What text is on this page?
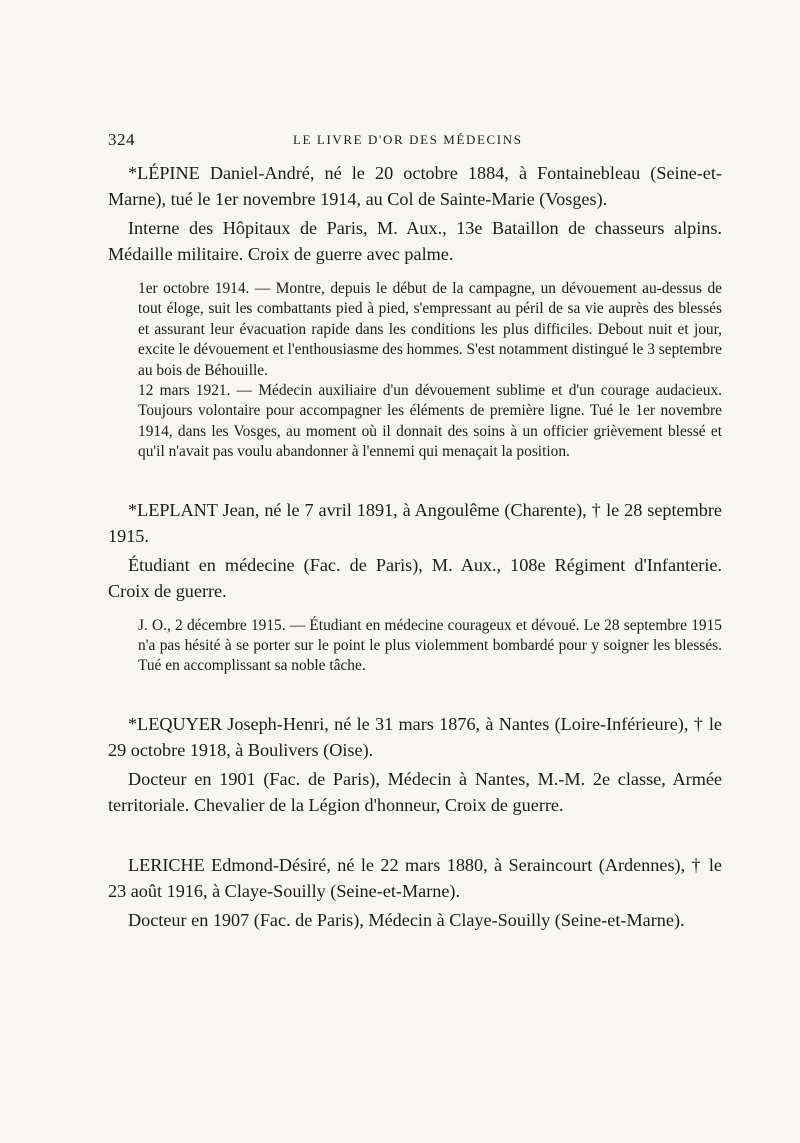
324	LE LIVRE D'OR DES MÉDECINS

*LÉPINE Daniel-André, né le 20 octobre 1884, à Fontainebleau (Seine-et-Marne), tué le 1er novembre 1914, au Col de Sainte-Marie (Vosges).

Interne des Hôpitaux de Paris, M. Aux., 13e Bataillon de chasseurs alpins. Médaille militaire. Croix de guerre avec palme.

1er octobre 1914. — Montre, depuis le début de la campagne, un dévouement au-dessus de tout éloge, suit les combattants pied à pied, s'empressant au péril de sa vie auprès des blessés et assurant leur évacuation rapide dans les conditions les plus difficiles. Debout nuit et jour, excite le dévouement et l'enthousiasme des hommes. S'est notamment distingué le 3 septembre au bois de Béhouille.

12 mars 1921. — Médecin auxiliaire d'un dévouement sublime et d'un courage audacieux. Toujours volontaire pour accompagner les éléments de première ligne. Tué le 1er novembre 1914, dans les Vosges, au moment où il donnait des soins à un officier grièvement blessé et qu'il n'avait pas voulu abandonner à l'ennemi qui menaçait la position.

*LEPLANT Jean, né le 7 avril 1891, à Angoulême (Charente), † le 28 septembre 1915.

Étudiant en médecine (Fac. de Paris), M. Aux., 108e Régiment d'Infanterie. Croix de guerre.

J. O., 2 décembre 1915. — Étudiant en médecine courageux et dévoué. Le 28 septembre 1915 n'a pas hésité à se porter sur le point le plus violemment bombardé pour y soigner les blessés. Tué en accomplissant sa noble tâche.

*LEQUYER Joseph-Henri, né le 31 mars 1876, à Nantes (Loire-Inférieure), † le 29 octobre 1918, à Boulivers (Oise).

Docteur en 1901 (Fac. de Paris), Médecin à Nantes, M.-M. 2e classe, Armée territoriale. Chevalier de la Légion d'honneur, Croix de guerre.

LERICHE Edmond-Désiré, né le 22 mars 1880, à Seraincourt (Ardennes), † le 23 août 1916, à Claye-Souilly (Seine-et-Marne).

Docteur en 1907 (Fac. de Paris), Médecin à Claye-Souilly (Seine-et-Marne).
